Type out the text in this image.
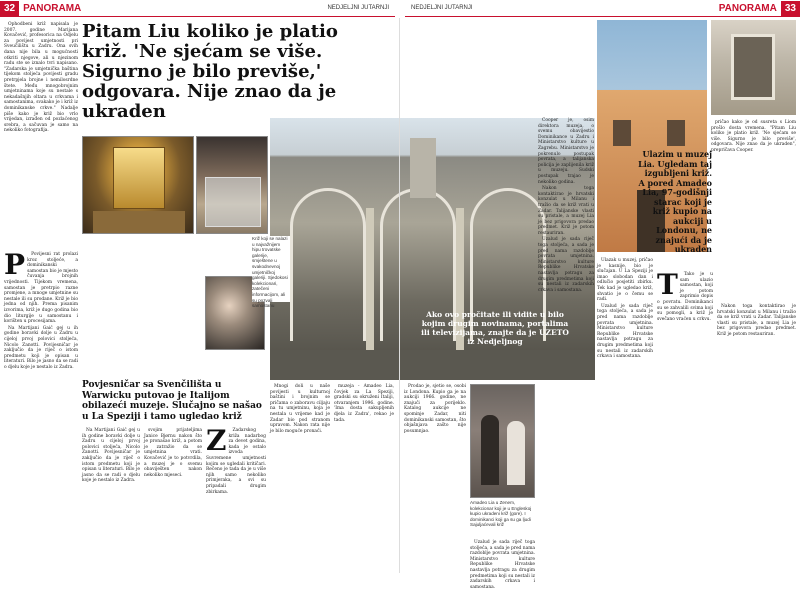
32 PANORAMA	NEDJELJNI JUTARNJI	NEDJELJNI JUTARNJI	PANORAMA 33

Ophodbeni križ napisala je 2007. godine Marijana Kovačević, profesorica na Odjelu za povijest umjetnosti pri Sveučilištu u Zadru. Ona svih dana nije bila u mogućnosti otkriti njegove, ali u njezinom radu ste se iznalo tvri napisano. "Zadarska je umjetnička baština tijekom stoljeća povijesti gradu pretrpjela brojne i nemilosrdne štete. Među mnogobrojnim umjetninama koje su nestale s nekadašnjih oltara u crkvama i samostanima, svakako je i križ iz dominikanske crkve." Nadalje piše kako je križ bio vrlo vrijedan, izrađen od pozlaćenog srebra, a sačuvan je samo na nekoliko fotografija.

Pitam Liu koliko je platio križ. 'Ne sjećam se više. Sigurno je bilo previše,' odgovara. Nije znao da je ukraden
P	Povijesni rat prolazi kroz stoljeće, a dominikanski samostan bio je mjesto čuvanja brojnih vrijednosti. Tijekom vremena, samostan je pretrpio razne promjene, a mnoge umjetnine su nestale ili su prodane. Križ je bio jedna od njih. Prema pisanim izvorima, križ je dugo godina bio dio liturgije u samostanu i korišten u procesijama.

Na Martijani Gaić gej u ih godine boravki dolje u Zadru u cijeloj prvoj polovici stoljeća, Nicolo Zanotti. Povijesničar je zaključio da je riječ o istom predmetu koji je opisan u literaturi. Bilo je jasno da se radi o djelu koje je nestalo iz Zadra.

Ako ovo pročitate ili vidite u bilo kojim drugim novinama, portalima ili televizijama, znajte da je UZETO iz Nedjeljnog
Križ koji se nalazi u najvažnijem hipu trovatske galerije, smještene u svakodnevnoj umjetničkoj galeriji. Sjedokosi kolekcionari, zatečeni informacijom, ali su pozvali samostanu
Povjesničar sa Svenčilišta u Warwicku putovao je Italijom obilazeći muzeje. Slučajno se našao u La Speziji i tamo ugledao križ

Na Martijani Gaić gej u ih godine boravki dolje u Zadru u cijeloj prvoj polovici stoljeća, Nicolo Zanotti. Povijesničar je zaključio da je riječ o istom predmetu koji je opisan u literaturi. Bilo je jasno da se radi o djelu koje je nestalo iz Zadra.

svojim prijateljima Janice Bjørnu nakon što je pronašao križ, a potom je zatražio da se umjetnina vrati. Kovačević je to potvrdila, a muzej je o svemu obaviješten nakon nekoliko mjeseci.

Z	Zadarskog križa nadarbog za devet godina, kada je ostalo izvoda Suvremene umjetnosti kojim se ugledali kritičari. Rečeno je tada da je u više njih samo nekoliko primjeraka, a svi su pripadali drugim zbirkama.

Mnogi doli u naše povijesti u kulturnoj baštini i brojnim se pričama o zaboravu ciljaju na tu umjetninu, koja je nestala u vrijeme kad je Zadar bio pod stranom upravom. Nakon rata nije je bilo moguće pronaći.

muzeja - Amadeo Lia, čovjek za La Speziji, gradski su okruženi Italiji, otvaranjem 1996. godine. 'Ima dosta sakupljenih djela iz Zadra', rekao je tada.

pričao kako je od susreta s Liom prošlo dosta vremena. "Pitam Liu koliko je platio križ. 'Ne sjećam se više. Sigurno je bilo previše', odgovara. Nije znao da je ukraden", prepričava Cooper.

Ulazim u muzej Lia. Ugledam taj izgubljeni križ. A pored Amadeo Lia, 97-godišnji starac koji je križ kupio na aukciji u Londonu, ne znajući da je ukraden

Cooper je, osim direktora muzeja, o svemu obavijestio Dominikance u Zadru i Ministarstvo kulture u Zagrebu. Ministarstvo je pokrenulo postupak povrata, a talijanska policija je zaplijenila križ u muzeju. Sudski postupak trajao je nekoliko godina.

Nakon toga kontaktirao je hrvatski konzulat u Milanu i tražio da se križ vrati u Zadar. Talijanske vlasti su pristale, a muzej Lia je bez prigovora predao predmet. Križ je potom restauriran.

Uzalud je sada riječ toga stoljeća, a sada je pred nama razdoblje povrata umjetnina. Ministarstvo kulture Republike Hrvatske nastavlja potragu za drugim predmetima koji su nestali iz zadarskih crkava i samostana.

Ulazak u muzej, pričao je kasnije, bio je slučajan. U La Speziji je imao slobodan dan i odlučio posjetiti zbirku. Tek kad je ugledao križ, shvatio je o čemu se radi.

Uzalud je sada riječ toga stoljeća, a sada je pred nama razdoblje povrata umjetnina. Ministarstvo kulture Republike Hrvatske nastavlja potragu za drugim predmetima koji su nestali iz zadarskih crkava i samostana.

T	Tako je u sam ulazio samostan, koji je potom zaprimio dopis o povratu. Dominikanci su se zahvalili svima koji su pomogli, a križ je svečano vraćen u crkvu.

Nakon toga kontaktirao je hrvatski konzulat u Milanu i tražio da se križ vrati u Zadar. Talijanske vlasti su pristale, a muzej Lia je bez prigovora predao predmet. Križ je potom restauriran.

Prodao je, sjetio se, osobi iz Londona. Kupio ga je na aukciji 1966. godine, ne znajući za porijeklo. Katalog aukcije ne spominje Zadar, niti dominikanski samostan, što objašnjava zašto nije posumnjao.

Amadeo Lia u Zenem, kolekcionar koji je u Engleskoj kupio ukradeni križ (gore). I dominikanci koji ga su ga ljudi Sajuljaćevali križ

Uzalud je sada riječ toga stoljeća, a sada je pred nama razdoblje povrata umjetnina. Ministarstvo kulture Republike Hrvatske nastavlja potragu za drugim predmetima koji su nestali iz zadarskih crkava i samostana.
